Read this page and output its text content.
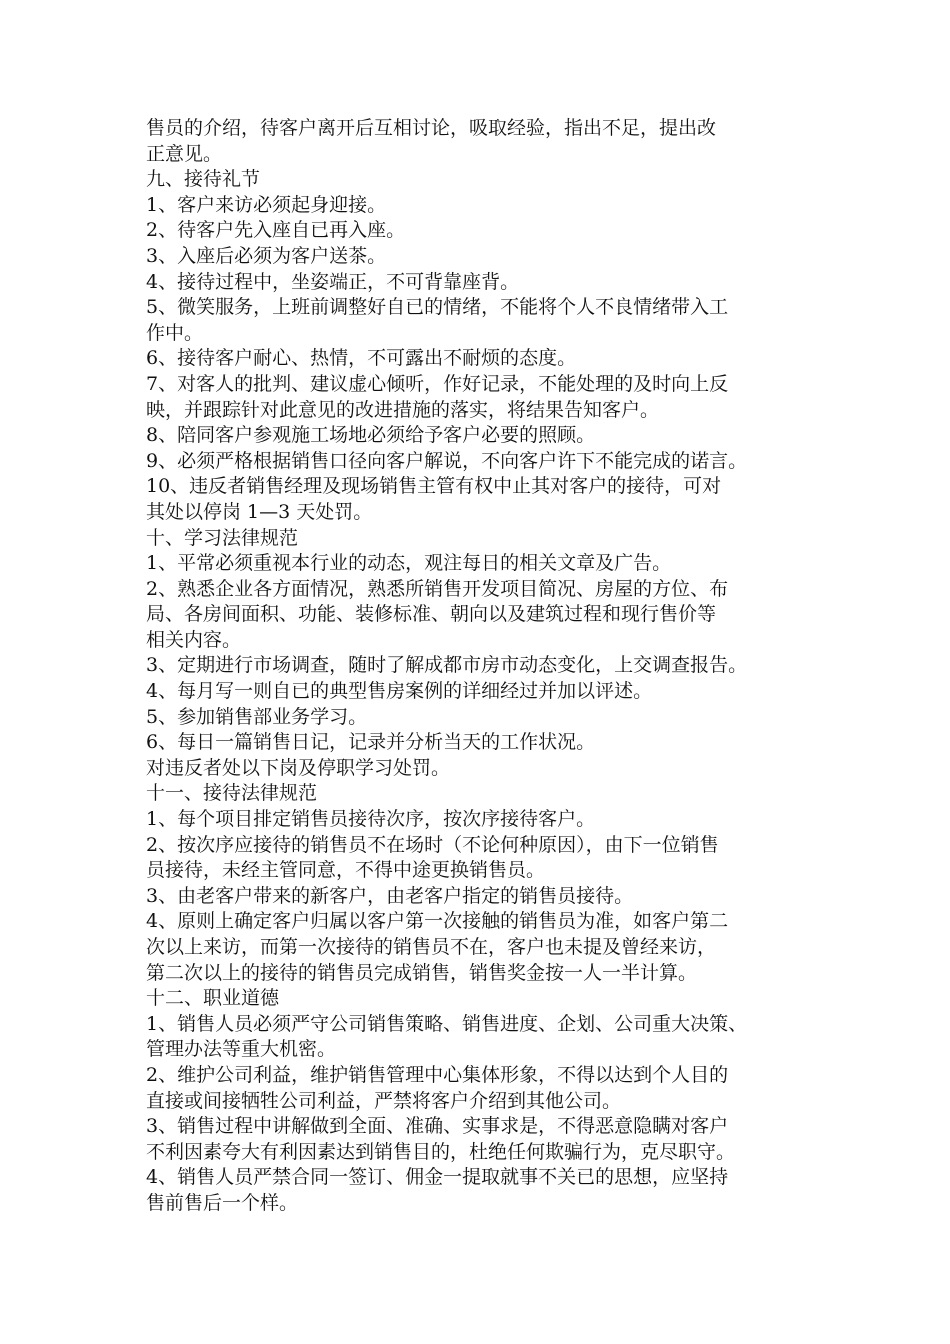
售员的介绍，待客户离开后互相讨论，吸取经验，指出不足，提出改

正意见。

九、接待礼节

1、客户来访必须起身迎接。

2、待客户先入座自已再入座。

3、入座后必须为客户送茶。

4、接待过程中，坐姿端正，不可背靠座背。

5、微笑服务，上班前调整好自已的情绪，不能将个人不良情绪带入工

作中。

6、接待客户耐心、热情，不可露出不耐烦的态度。

7、对客人的批判、建议虚心倾听，作好记录，不能处理的及时向上反

映，并跟踪针对此意见的改进措施的落实，将结果告知客户。

8、陪同客户参观施工场地必须给予客户必要的照顾。

9、必须严格根据销售口径向客户解说，不向客户许下不能完成的诺言。

10、违反者销售经理及现场销售主管有权中止其对客户的接待，可对

其处以停岗 1—3 天处罚。

十、学习法律规范

1、平常必须重视本行业的动态，观注每日的相关文章及广告。

2、熟悉企业各方面情况，熟悉所销售开发项目简况、房屋的方位、布

局、各房间面积、功能、装修标准、朝向以及建筑过程和现行售价等

相关内容。

3、定期进行市场调查，随时了解成都市房市动态变化，上交调查报告。

4、每月写一则自已的典型售房案例的详细经过并加以评述。

5、参加销售部业务学习。

6、每日一篇销售日记，记录并分析当天的工作状况。

对违反者处以下岗及停职学习处罚。

十一、接待法律规范

1、每个项目排定销售员接待次序，按次序接待客户。

2、按次序应接待的销售员不在场时（不论何种原因），由下一位销售

员接待，未经主管同意，不得中途更换销售员。

3、由老客户带来的新客户，由老客户指定的销售员接待。

4、原则上确定客户归属以客户第一次接触的销售员为准，如客户第二

次以上来访，而第一次接待的销售员不在，客户也未提及曾经来访，

第二次以上的接待的销售员完成销售，销售奖金按一人一半计算。

十二、职业道德

1、销售人员必须严守公司销售策略、销售进度、企划、公司重大决策、

管理办法等重大机密。

2、维护公司利益，维护销售管理中心集体形象，不得以达到个人目的

直接或间接牺牲公司利益，严禁将客户介绍到其他公司。

3、销售过程中讲解做到全面、准确、实事求是，不得恶意隐瞒对客户

不利因素夸大有利因素达到销售目的，杜绝任何欺骗行为，克尽职守。

4、销售人员严禁合同一签订、佣金一提取就事不关已的思想，应坚持

售前售后一个样。
